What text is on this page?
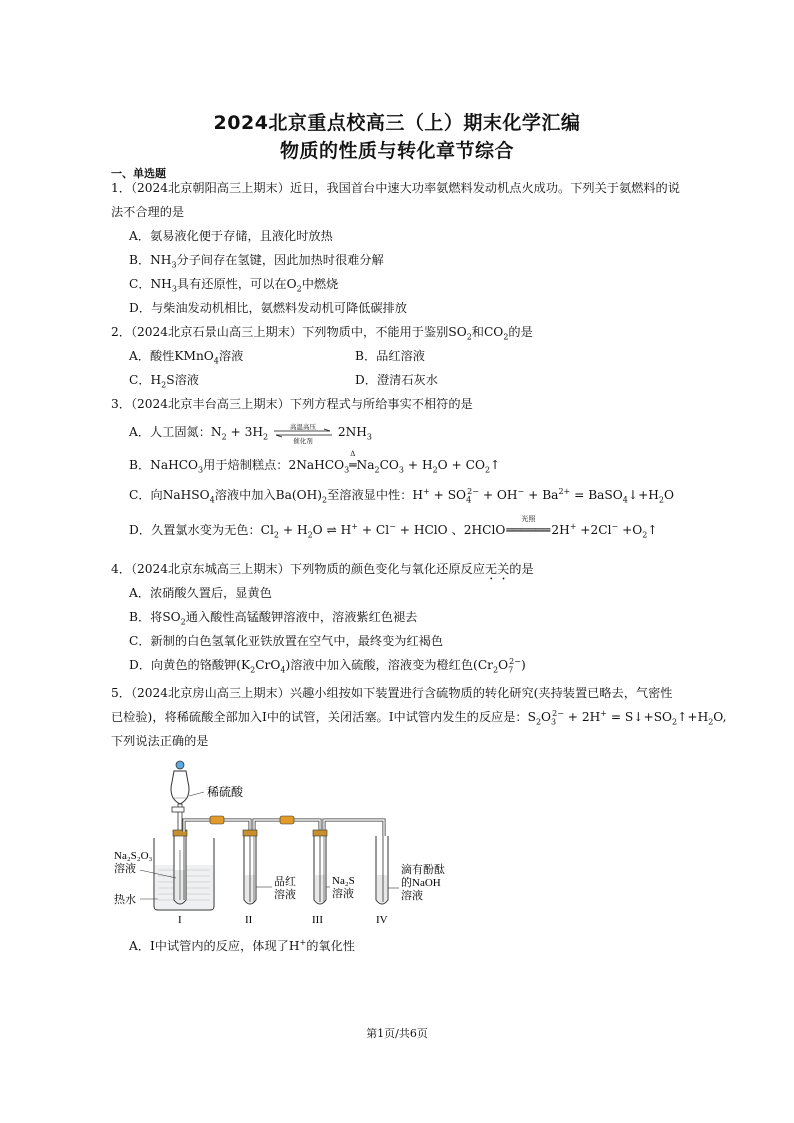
2024北京重点校高三（上）期末化学汇编
物质的性质与转化章节综合
一、单选题
1．（2024北京朝阳高三上期末）近日，我国首台中速大功率氨燃料发动机点火成功。下列关于氨燃料的说
法不合理的是
A．氨易液化便于存储，且液化时放热
B．$NH_3$分子间存在氢键，因此加热时很难分解
C．$NH_3$具有还原性，可以在$O_2$中燃烧
D．与柴油发动机相比，氨燃料发动机可降低碳排放
2．（2024北京石景山高三上期末）下列物质中，不能用于鉴别$SO_2$和$CO_2$的是
A．酸性KMnO$_4$溶液	B．品红溶液
C．$H_2S$溶液	D．澄清石灰水
3．（2024北京丰台高三上期末）下列方程式与所给事实不相符的是
A．人工固氮：$N_2 + 3H_2$
高温高压
催化剂
$2NH_3$
B．NaHCO$_3$用于焙制糕点：2NaHCO$_3$
Δ
$═Na_2CO_3 + H_2O$ + $CO_2↑$
C．向NaHSO$_4$溶液中加入$Ba(OH)_2$至溶液显中性：$H^+ + SO_4^{2-} + OH^- + Ba^{2+}$ = $BaSO_4↓+H_2O$
D．久置氯水变为无色：$Cl_2 + H_2O$ ⇌ H+ + Cl− + HClO 、2HClO
光照
══════2H+ $+2Cl^- +O_2↑$
4．（2024北京东城高三上期末）下列物质的颜色变化与氧化还原反应无关的是
A．浓硝酸久置后，显黄色
B．将$SO_2$通入酸性高锰酸钾溶液中，溶液紫红色褪去
C．新制的白色氢氧化亚铁放置在空气中，最终变为红褐色
D．向黄色的铬酸钾$(K_2CrO_4)$溶液中加入硫酸，溶液变为橙红色$(Cr_2O_7^{2-})$
5．（2024北京房山高三上期末）兴趣小组按如下装置进行含硫物质的转化研究(夹持装置已略去，气密性
已检验)，将稀硫酸全部加入I中的试管，关闭活塞。I中试管内发生的反应是：$S_2O_3^{2-} + 2H^+$ = $S↓+SO_2↑+H_2O$,
下列说法正确的是
稀硫酸
Na₂S₂O₃
溶液
热水
品红
溶液
Na₂S
溶液
滴有酚酞
的NaOH
溶液
I	II	III	IV
A．I中试管内的反应，体现了H+的氧化性
第1页/共6页
